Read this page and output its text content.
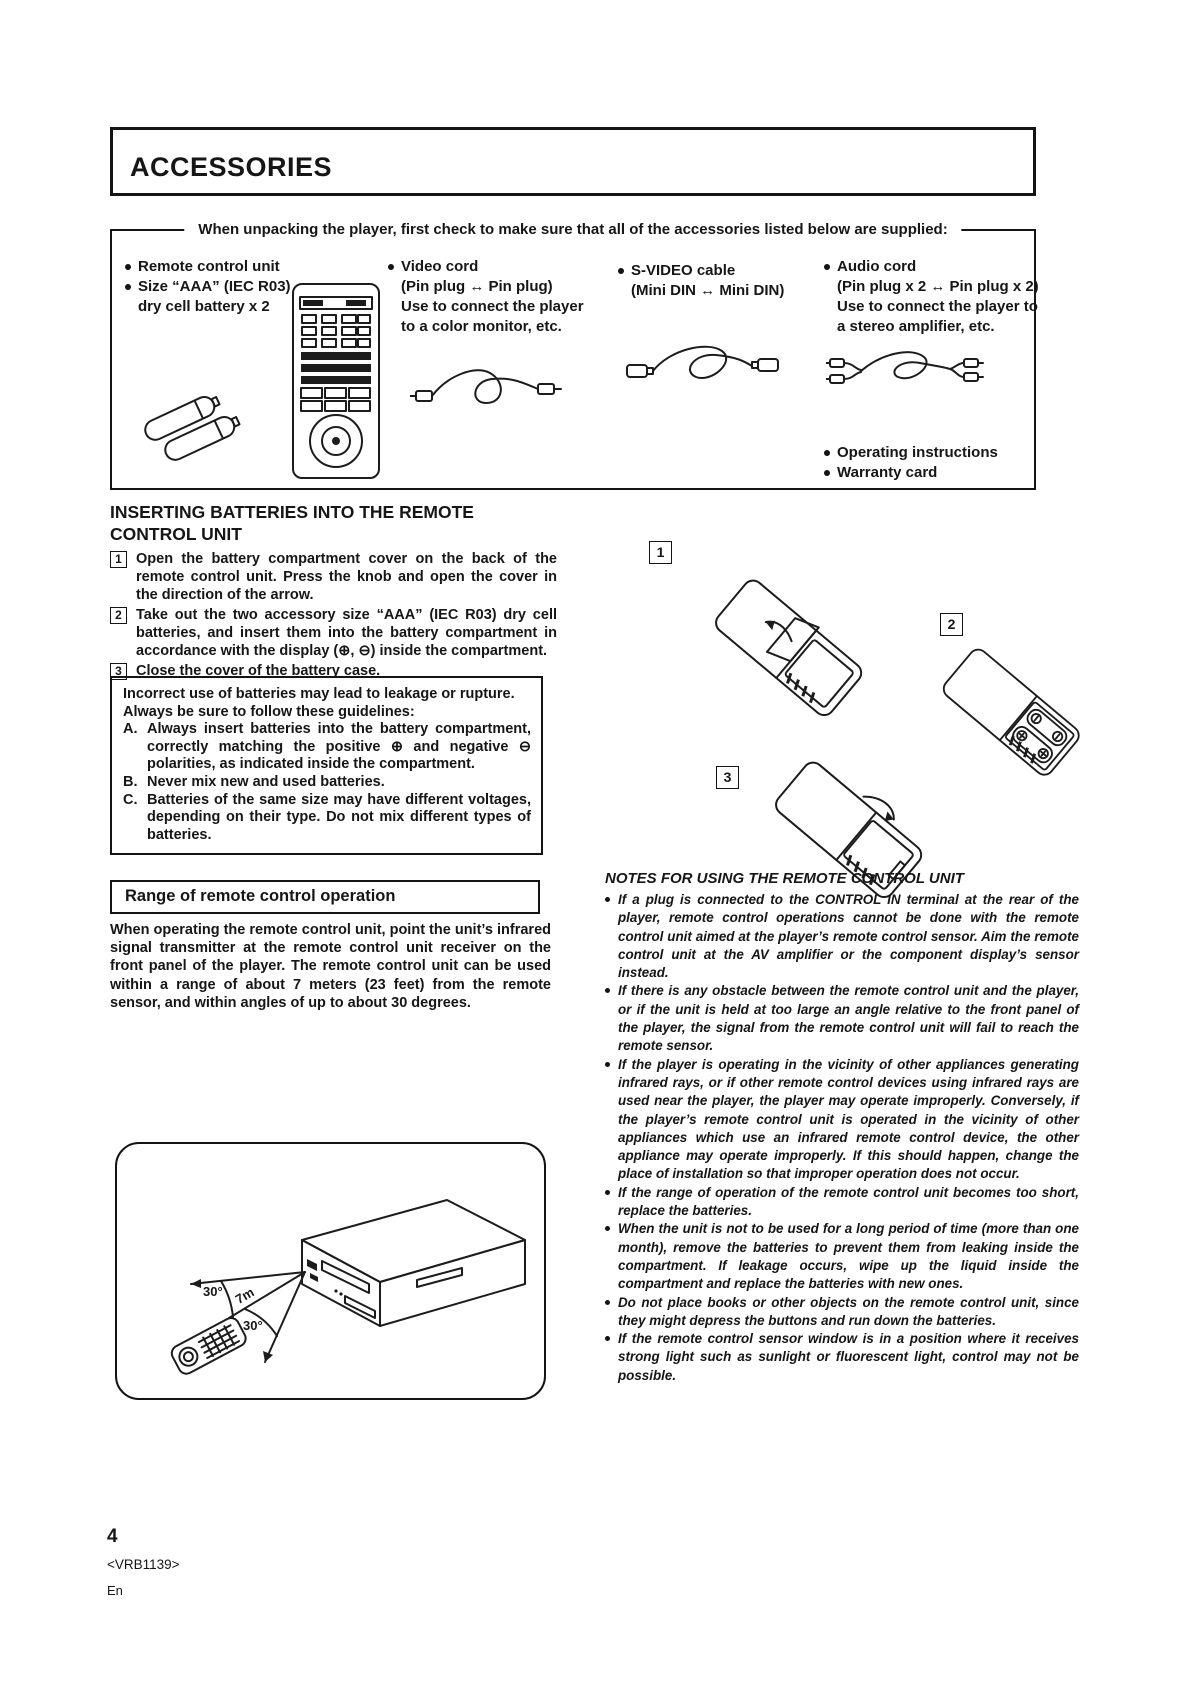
ACCESSORIES
When unpacking the player, first check to make sure that all of the accessories listed below are supplied:
Remote control unit
Size “AAA” (IEC R03)
dry cell battery x 2
Video cord
(Pin plug ↔ Pin plug)
Use to connect the player
to a color monitor, etc.
S-VIDEO cable
(Mini DIN ↔ Mini DIN)
Audio cord
(Pin plug x 2 ↔ Pin plug x 2)
Use to connect the player to
a stereo amplifier, etc.
Operating instructions
Warranty card
INSERTING BATTERIES INTO THE REMOTE
CONTROL UNIT
1 Open the battery compartment cover on the back of the remote control unit. Press the knob and open the cover in the direction of the arrow.
2 Take out the two accessory size “AAA” (IEC R03) dry cell batteries, and insert them into the battery compartment in accordance with the display (⊕, ⊖) inside the compartment.
3 Close the cover of the battery case.
Incorrect use of batteries may lead to leakage or rupture. Always be sure to follow these guidelines:
A. Always insert batteries into the battery compartment, correctly matching the positive ⊕ and negative ⊖ polarities, as indicated inside the compartment.
B. Never mix new and used batteries.
C. Batteries of the same size may have different voltages, depending on their type. Do not mix different types of batteries.
Range of remote control operation
When operating the remote control unit, point the unit’s infrared signal transmitter at the remote control unit receiver on the front panel of the player. The remote control unit can be used within a range of about 7 meters (23 feet) from the remote sensor, and within angles of up to about 30 degrees.
30° 7m
30°
1
2
3
NOTES FOR USING THE REMOTE CONTROL UNIT
If a plug is connected to the CONTROL IN terminal at the rear of the player, remote control operations cannot be done with the remote control unit aimed at the player’s remote control sensor. Aim the remote control unit at the AV amplifier or the component display’s sensor instead.
If there is any obstacle between the remote control unit and the player, or if the unit is held at too large an angle relative to the front panel of the player, the signal from the remote control unit will fail to reach the remote sensor.
If the player is operating in the vicinity of other appliances generating infrared rays, or if other remote control devices using infrared rays are used near the player, the player may operate improperly. Conversely, if the player’s remote control unit is operated in the vicinity of other appliances which use an infrared remote control device, the other appliance may operate improperly. If this should happen, change the place of installation so that improper operation does not occur.
If the range of operation of the remote control unit becomes too short, replace the batteries.
When the unit is not to be used for a long period of time (more than one month), remove the batteries to prevent them from leaking inside the compartment. If leakage occurs, wipe up the liquid inside the compartment and replace the batteries with new ones.
Do not place books or other objects on the remote control unit, since they might depress the buttons and run down the batteries.
If the remote control sensor window is in a position where it receives strong light such as sunlight or fluorescent light, control may not be possible.
4
<VRB1139>
En
